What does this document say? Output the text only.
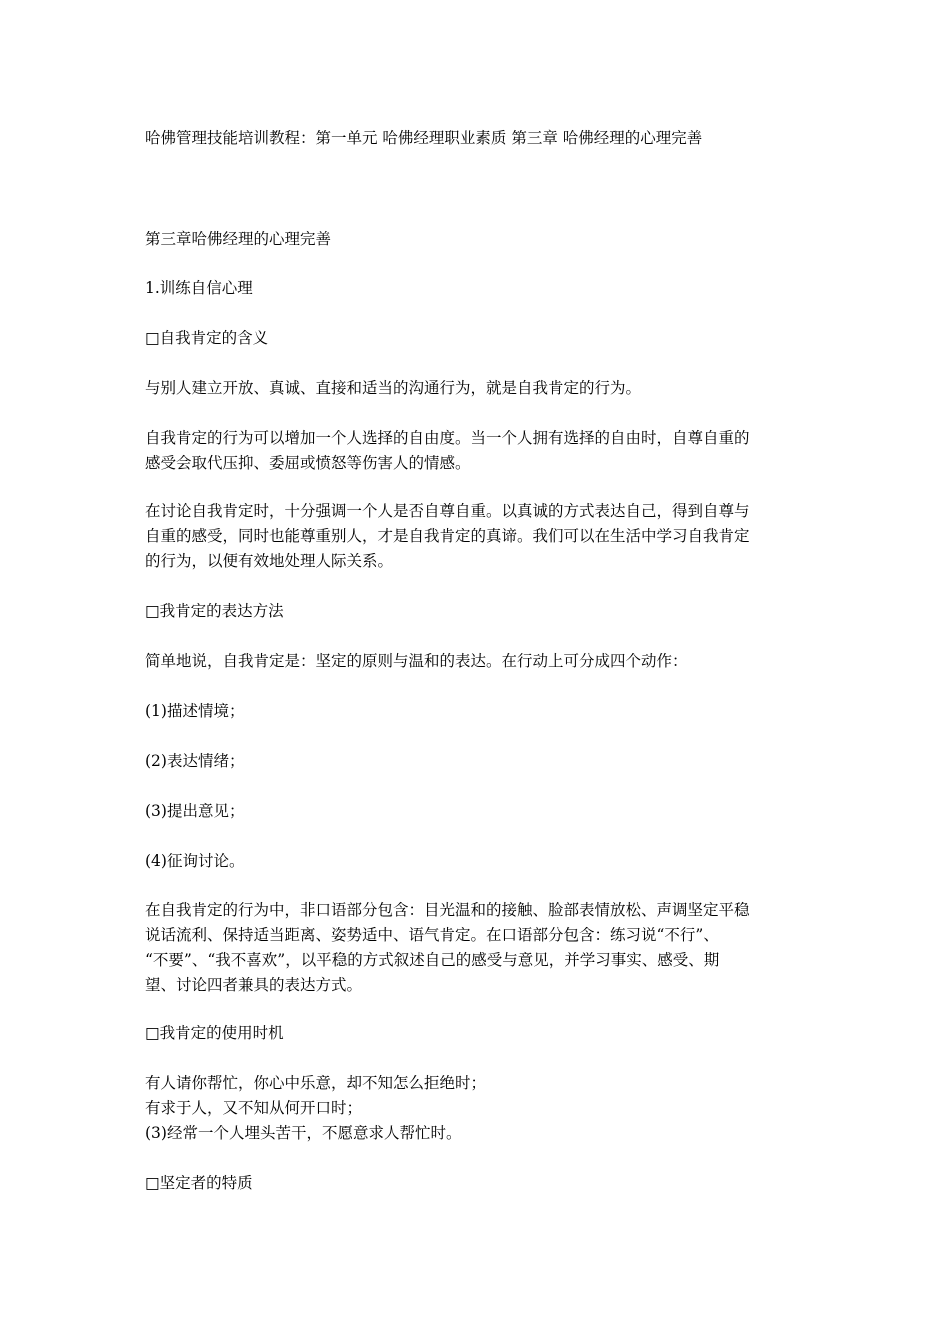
哈佛管理技能培训教程：第一单元 哈佛经理职业素质 第三章 哈佛经理的心理完善
第三章哈佛经理的心理完善
1.训练自信心理
□自我肯定的含义
与别人建立开放、真诚、直接和适当的沟通行为，就是自我肯定的行为。
自我肯定的行为可以增加一个人选择的自由度。当一个人拥有选择的自由时，自尊自重的
感受会取代压抑、委屈或愤怒等伤害人的情感。
在讨论自我肯定时，十分强调一个人是否自尊自重。以真诚的方式表达自己，得到自尊与
自重的感受，同时也能尊重别人，才是自我肯定的真谛。我们可以在生活中学习自我肯定
的行为，以便有效地处理人际关系。
□我肯定的表达方法
简单地说，自我肯定是：坚定的原则与温和的表达。在行动上可分成四个动作：
(1)描述情境；
(2)表达情绪；
(3)提出意见；
(4)征询讨论。
在自我肯定的行为中，非口语部分包含：目光温和的接触、脸部表情放松、声调坚定平稳
说话流利、保持适当距离、姿势适中、语气肯定。在口语部分包含：练习说“不行”、
“不要”、“我不喜欢”，以平稳的方式叙述自己的感受与意见，并学习事实、感受、期
望、讨论四者兼具的表达方式。
□我肯定的使用时机
有人请你帮忙，你心中乐意，却不知怎么拒绝时；
有求于人，又不知从何开口时；
(3)经常一个人埋头苦干，不愿意求人帮忙时。
□坚定者的特质
